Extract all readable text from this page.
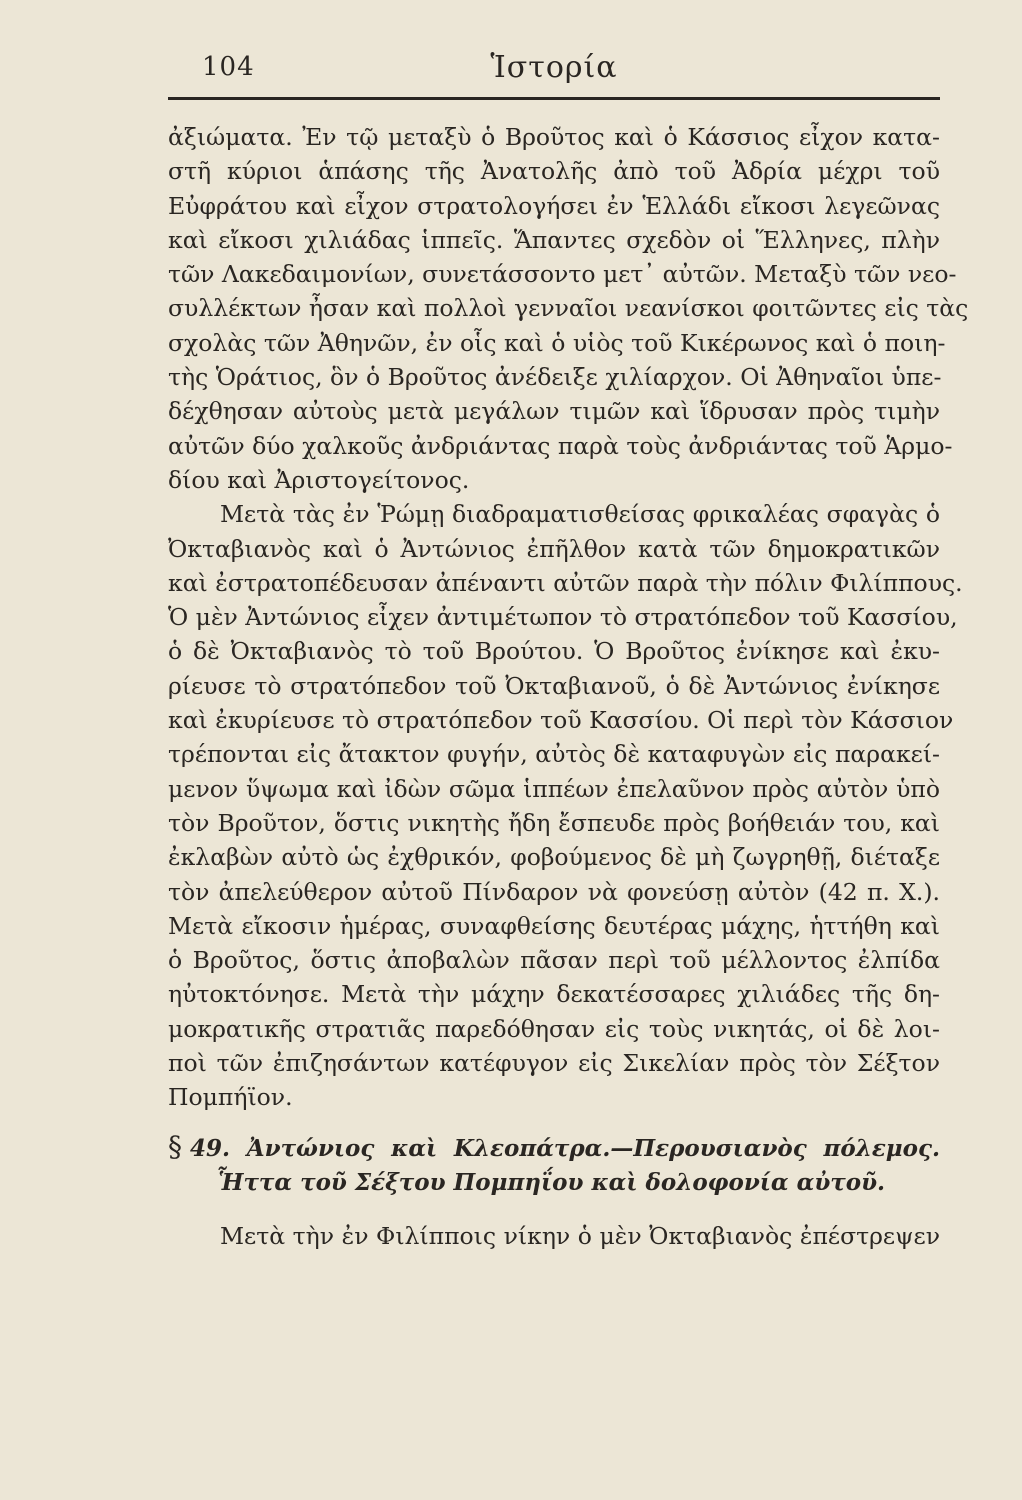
104	Ἱστορία
ἀξιώματα. Ἐν τῷ μεταξὺ ὁ Βροῦτος καὶ ὁ Κάσσιος εἶχον κατα-
στῆ κύριοι ἁπάσης τῆς Ἀνατολῆς ἀπὸ τοῦ Ἀδρία μέχρι τοῦ
Εὐφράτου καὶ εἶχον στρατολογήσει ἐν Ἑλλάδι εἴκοσι λεγεῶνας
καὶ εἴκοσι χιλιάδας ἱππεῖς. Ἅπαντες σχεδὸν οἱ Ἕλληνες, πλὴν
τῶν Λακεδαιμονίων, συνετάσσοντο μετ᾽ αὐτῶν. Μεταξὺ τῶν νεο-
συλλέκτων ἦσαν καὶ πολλοὶ γενναῖοι νεανίσκοι φοιτῶντες εἰς τὰς
σχολὰς τῶν Ἀθηνῶν, ἐν οἷς καὶ ὁ υἱὸς τοῦ Κικέρωνος καὶ ὁ ποιη-
τὴς Ὁράτιος, ὃν ὁ Βροῦτος ἀνέδειξε χιλίαρχον. Οἱ Ἀθηναῖοι ὑπε-
δέχθησαν αὐτοὺς μετὰ μεγάλων τιμῶν καὶ ἵδρυσαν πρὸς τιμὴν
αὐτῶν δύο χαλκοῦς ἀνδριάντας παρὰ τοὺς ἀνδριάντας τοῦ Ἁρμο-
δίου καὶ Ἀριστογείτονος.
Μετὰ τὰς ἐν Ῥώμῃ διαδραματισθείσας φρικαλέας σφαγὰς ὁ
Ὀκταβιανὸς καὶ ὁ Ἀντώνιος ἐπῆλθον κατὰ τῶν δημοκρατικῶν
καὶ ἐστρατοπέδευσαν ἀπέναντι αὐτῶν παρὰ τὴν πόλιν Φιλίππους.
Ὁ μὲν Ἀντώνιος εἶχεν ἀντιμέτωπον τὸ στρατόπεδον τοῦ Κασσίου,
ὁ δὲ Ὀκταβιανὸς τὸ τοῦ Βρούτου. Ὁ Βροῦτος ἐνίκησε καὶ ἐκυ-
ρίευσε τὸ στρατόπεδον τοῦ Ὀκταβιανοῦ, ὁ δὲ Ἀντώνιος ἐνίκησε
καὶ ἐκυρίευσε τὸ στρατόπεδον τοῦ Κασσίου. Οἱ περὶ τὸν Κάσσιον
τρέπονται εἰς ἄτακτον φυγήν, αὐτὸς δὲ καταφυγὼν εἰς παρακεί-
μενον ὕψωμα καὶ ἰδὼν σῶμα ἱππέων ἐπελαῦνον πρὸς αὐτὸν ὑπὸ
τὸν Βροῦτον, ὅστις νικητὴς ἤδη ἔσπευδε πρὸς βοήθειάν του, καὶ
ἐκλαβὼν αὐτὸ ὡς ἐχθρικόν, φοβούμενος δὲ μὴ ζωγρηθῇ, διέταξε
τὸν ἀπελεύθερον αὐτοῦ Πίνδαρον νὰ φονεύσῃ αὐτὸν (42 π. Χ.).
Μετὰ εἴκοσιν ἡμέρας, συναφθείσης δευτέρας μάχης, ἡττήθη καὶ
ὁ Βροῦτος, ὅστις ἀποβαλὼν πᾶσαν περὶ τοῦ μέλλοντος ἐλπίδα
ηὐτοκτόνησε. Μετὰ τὴν μάχην δεκατέσσαρες χιλιάδες τῆς δη-
μοκρατικῆς στρατιᾶς παρεδόθησαν εἰς τοὺς νικητάς, οἱ δὲ λοι-
ποὶ τῶν ἐπιζησάντων κατέφυγον εἰς Σικελίαν πρὸς τὸν Σέξτον
Πομπήϊον.
§ 49. Ἀντώνιος καὶ Κλεοπάτρα.—Περουσιανὸς πόλεμος.
Ἧττα τοῦ Σέξτου Πομπηΐου καὶ δολοφονία αὐτοῦ.
Μετὰ τὴν ἐν Φιλίπποις νίκην ὁ μὲν Ὀκταβιανὸς ἐπέστρεψεν
